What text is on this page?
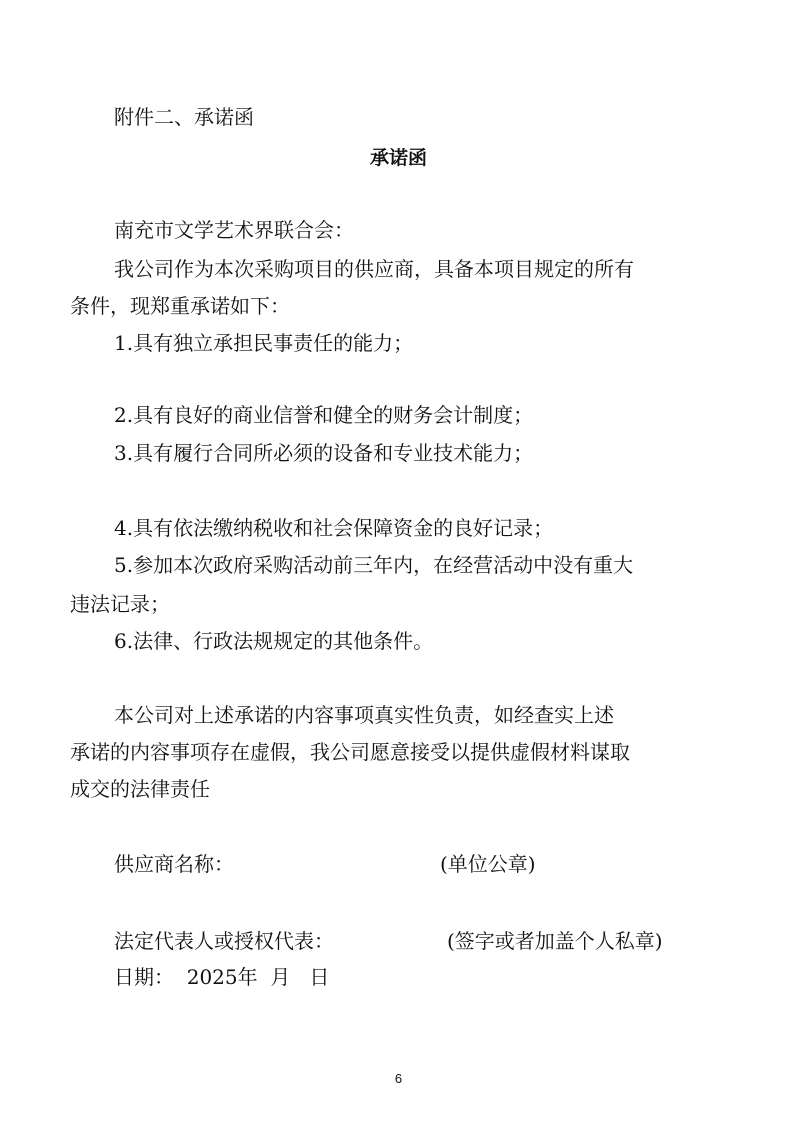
附件二、承诺函
承诺函
南充市文学艺术界联合会：
我公司作为本次采购项目的供应商，具备本项目规定的所有
条件，现郑重承诺如下：
1.具有独立承担民事责任的能力；
2.具有良好的商业信誉和健全的财务会计制度；
3.具有履行合同所必须的设备和专业技术能力；
4.具有依法缴纳税收和社会保障资金的良好记录；
5.参加本次政府采购活动前三年内，在经营活动中没有重大
违法记录；
6.法律、行政法规规定的其他条件。
本公司对上述承诺的内容事项真实性负责，如经查实上述
承诺的内容事项存在虚假，我公司愿意接受以提供虚假材料谋取
成交的法律责任
供应商名称：	(单位公章)
法定代表人或授权代表：	(签字或者加盖个人私章)
日期：  2025年  月   日
6
